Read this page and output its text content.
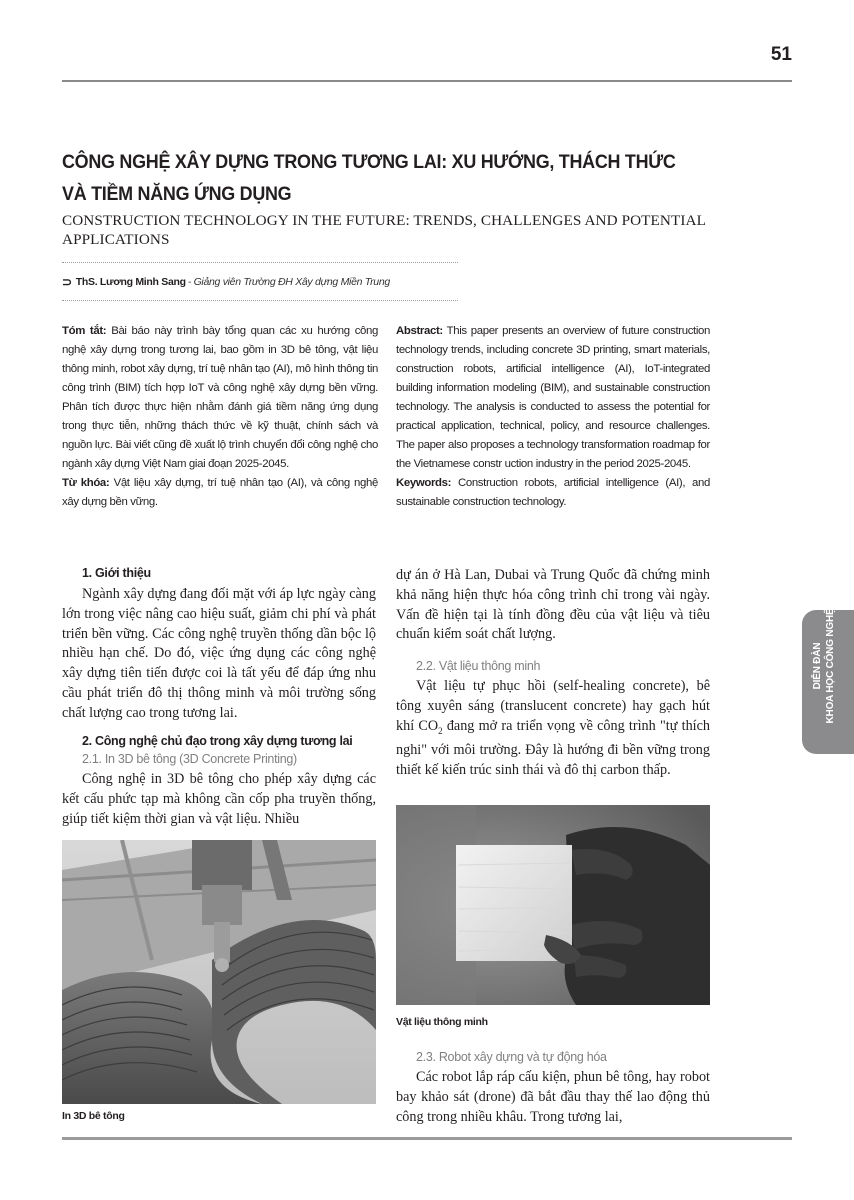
51
CÔNG NGHỆ XÂY DỰNG TRONG TƯƠNG LAI: XU HƯỚNG, THÁCH THỨC VÀ TIỀM NĂNG ỨNG DỤNG
CONSTRUCTION TECHNOLOGY IN THE FUTURE: TRENDS, CHALLENGES AND POTENTIAL APPLICATIONS
⊃ ThS. Lương Minh Sang - Giảng viên Trường ĐH Xây dựng Miền Trung

Tóm tắt: Bài báo này trình bày tổng quan các xu hướng công nghệ xây dựng trong tương lai, bao gồm in 3D bê tông, vật liệu thông minh, robot xây dựng, trí tuệ nhân tạo (AI), mô hình thông tin công trình (BIM) tích hợp IoT và công nghệ xây dựng bền vững. Phân tích được thực hiện nhằm đánh giá tiềm năng ứng dụng trong thực tiễn, những thách thức về kỹ thuật, chính sách và nguồn lực. Bài viết cũng đề xuất lộ trình chuyển đổi công nghệ cho ngành xây dựng Việt Nam giai đoạn 2025-2045.

Từ khóa: Vật liệu xây dựng, trí tuệ nhân tạo (AI), và công nghệ xây dựng bền vững.

Abstract: This paper presents an overview of future construction technology trends, including concrete 3D printing, smart materials, construction robots, artificial intelligence (AI), IoT-integrated building information modeling (BIM), and sustainable construction technology. The analysis is conducted to assess the potential for practical application, technical, policy, and resource challenges. The paper also proposes a technology transformation roadmap for the Vietnamese constr uction industry in the period 2025-2045.

Keywords: Construction robots, artificial intelligence (AI), and sustainable construction technology.

1. Giới thiệu

Ngành xây dựng đang đối mặt với áp lực ngày càng lớn trong việc nâng cao hiệu suất, giảm chi phí và phát triển bền vững. Các công nghệ truyền thống dần bộc lộ nhiều hạn chế. Do đó, việc ứng dụng các công nghệ xây dựng tiên tiến được coi là tất yếu để đáp ứng nhu cầu phát triển đô thị thông minh và môi trường sống chất lượng cao trong tương lai.

2. Công nghệ chủ đạo trong xây dựng tương lai
2.1. In 3D bê tông (3D Concrete Printing)

Công nghệ in 3D bê tông cho phép xây dựng các kết cấu phức tạp mà không cần cốp pha truyền thống, giúp tiết kiệm thời gian và vật liệu. Nhiều

In 3D bê tông

dự án ở Hà Lan, Dubai và Trung Quốc đã chứng minh khả năng hiện thực hóa công trình chỉ trong vài ngày. Vấn đề hiện tại là tính đồng đều của vật liệu và tiêu chuẩn kiểm soát chất lượng.

2.2. Vật liệu thông minh

Vật liệu tự phục hồi (self-healing concrete), bê tông xuyên sáng (translucent concrete) hay gạch hút khí $CO_2$ đang mở ra triển vọng về công trình "tự thích nghi" với môi trường. Đây là hướng đi bền vững trong thiết kế kiến trúc sinh thái và đô thị carbon thấp.

Vật liệu thông minh
2.3. Robot xây dựng và tự động hóa

Các robot lắp ráp cấu kiện, phun bê tông, hay robot bay khảo sát (drone) đã bắt đầu thay thế lao động thủ công trong nhiều khâu. Trong tương lai,

DIỄN ĐÀN KHOA HỌC CÔNG NGHỆ
